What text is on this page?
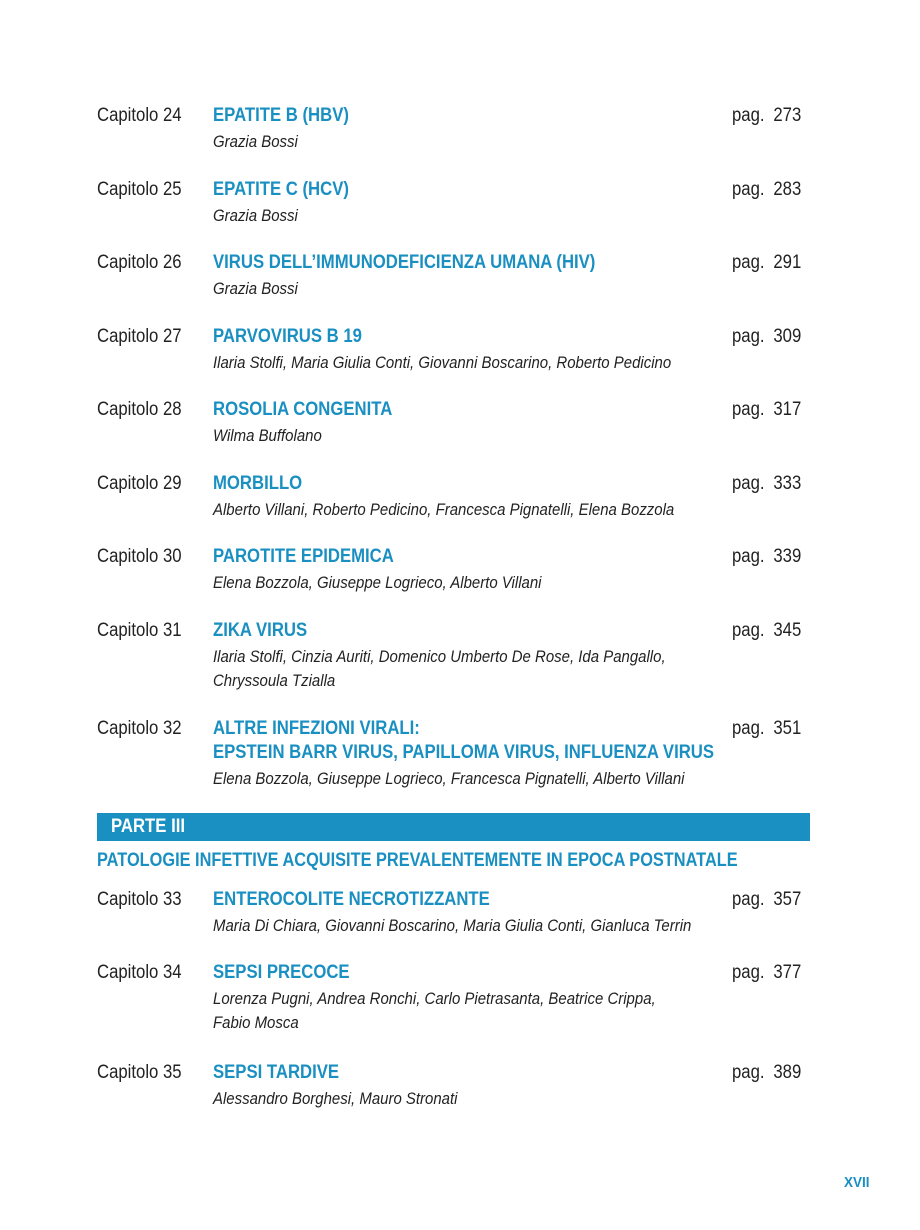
Capitolo 24 EPATITE B (HBV)
Grazia Bossi
pag. 273
Capitolo 25 EPATITE C (HCV)
Grazia Bossi
pag. 283
Capitolo 26 VIRUS DELL’IMMUNODEFICIENZA UMANA (HIV)
Grazia Bossi
pag. 291
Capitolo 27 PARVOVIRUS B 19
Ilaria Stolfi, Maria Giulia Conti, Giovanni Boscarino, Roberto Pedicino
pag. 309
Capitolo 28 ROSOLIA CONGENITA
Wilma Buffolano
pag. 317
Capitolo 29 MORBILLO
Alberto Villani, Roberto Pedicino, Francesca Pignatelli, Elena Bozzola
pag. 333
Capitolo 30 PAROTITE EPIDEMICA
Elena Bozzola, Giuseppe Logrieco, Alberto Villani
pag. 339
Capitolo 31 ZIKA VIRUS
Ilaria Stolfi, Cinzia Auriti, Domenico Umberto De Rose, Ida Pangallo,
Chryssoula Tzialla
pag. 345
Capitolo 32 ALTRE INFEZIONI VIRALI:
EPSTEIN BARR VIRUS, PAPILLOMA VIRUS, INFLUENZA VIRUS
Elena Bozzola, Giuseppe Logrieco, Francesca Pignatelli, Alberto Villani
pag. 351
PARTE III
PATOLOGIE INFETTIVE ACQUISITE PREVALENTEMENTE IN EPOCA POSTNATALE
Capitolo 33 ENTEROCOLITE NECROTIZZANTE
Maria Di Chiara, Giovanni Boscarino, Maria Giulia Conti, Gianluca Terrin
pag. 357
Capitolo 34 SEPSI PRECOCE
Lorenza Pugni, Andrea Ronchi, Carlo Pietrasanta, Beatrice Crippa,
Fabio Mosca
pag. 377
Capitolo 35 SEPSI TARDIVE
Alessandro Borghesi, Mauro Stronati
pag. 389
XVII
